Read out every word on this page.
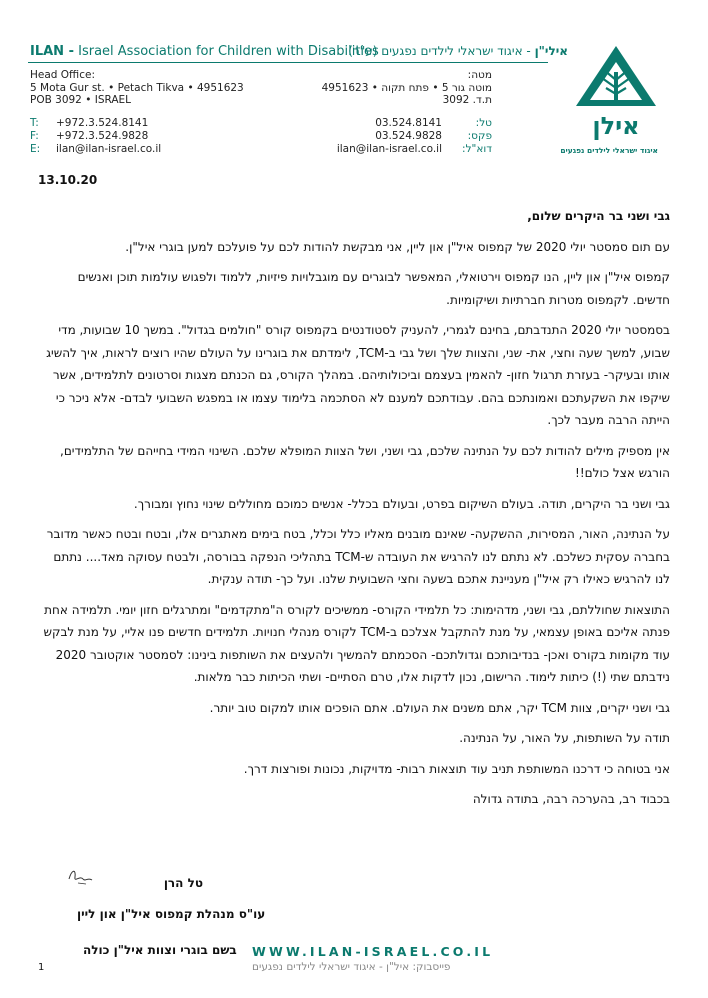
ILAN - Israel Association for Children with Disabilities	אילי"ן - איגוד ישראלי לילדים נפגעים (ע"ר)
Head Office:
5 Mota Gur st. • Petach Tikva • 4951623
POB 3092 • ISRAEL
מטה:
מוטה גור 5 • פתח תקוה • 4951623
ת.ד. 3092
T: +972.3.524.8141
F: +972.3.524.9828
E: ilan@ilan-israel.co.il
טל:
03.524.8141
פקס:
03.524.9828
דוא"ל:
ilan@ilan-israel.co.il
אילן
איגוד ישראלי לילדים נפגעים
13.10.20

גבי ושני בר היקרים שלום,

עם תום סמסטר יולי 2020 של קמפוס איל"ן און ליין, אני מבקשת להודות לכם על פועלכם למען בוגרי איל"ן.

קמפוס איל"ן און ליין, הנו קמפוס וירטואלי, המאפשר לבוגרים עם מוגבלויות פיזיות, ללמוד ולפגוש עולמות תוכן ואנשים חדשים. לקמפוס מטרות חברתיות ושיקומיות.

בסמסטר יולי 2020 התנדבתם, בחינם לגמרי, להעניק לסטודנטים בקמפוס קורס "חולמים בגדול". במשך 10 שבועות, מדי שבוע, למשך שעה וחצי, את- שני, והצוות שלך ושל גבי ב-TCM, לימדתם את בוגרינו על העולם שהיו רוצים לראות, איך להשיג אותו ובעיקר- בעזרת תרגול חזון- להאמין בעצמם וביכולותיהם. במהלך הקורס, גם הכנתם מצגות וסרטונים לתלמידים, אשר שיקפו את השקעתכם ואמונתכם בהם. עבודתכם למענם לא הסתכמה בלימוד עצמו או במפגש השבועי לבדם- אלא ניכר כי הייתה הרבה מעבר לכך.

אין מספיק מילים להודות לכם על הנתינה שלכם, גבי ושני, ושל הצוות המופלא שלכם. השינוי המידי בחייהם של התלמידים, הורגש אצל כולם!!

גבי ושני בר היקרים, תודה. בעולם השיקום בפרט, ובעולם בכלל- אנשים כמוכם מחוללים שינוי נחוץ ומבורך.

על הנתינה, האור, המסירות, ההשקעה- שאינם מובנים מאליו כלל וכלל, בטח בימים מאתגרים אלו, ובטח ובטח כאשר מדובר בחברה עסקית כשלכם. לא נתתם לנו להרגיש את העובדה ש-TCM בתהליכי הנפקה בבורסה, ולבטח עסוקה מאד.... נתתם לנו להרגיש כאילו רק איל"ן מעניינת אתכם בשעה וחצי השבועית שלנו. ועל כך- תודה ענקית.

התוצאות שחוללתם, גבי ושני, מדהימות: כל תלמידי הקורס- ממשיכים לקורס ה"מתקדמים" ומתרגלים חזון יומי. תלמידה אחת פנתה אליכם באופן עצמאי, על מנת להתקבל אצלכם ב-TCM לקורס מנהלי חנויות. תלמידים חדשים פנו אליי, על מנת לבקש עוד מקומות בקורס ואכן- בנדיבותכם וגדולתכם- הסכמתם להמשיך ולהעצים את השותפות בינינו: לסמסטר אוקטובר 2020 נידבתם שתי (!) כיתות לימוד. הרישום, נכון לדקות אלו, טרם הסתיים- ושתי הכיתות כבר מלאות.

גבי ושני יקרים, צוות TCM יקר, אתם משנים את העולם. אתם הופכים אותו למקום טוב יותר.

תודה על השותפות, על האור, על הנתינה.

אני בטוחה כי דרכנו המשותפת תניב עוד תוצאות רבות- מדויקות, נכונות ופורצות דרך.

בכבוד רב, בהערכה רבה, בתודה גדולה

טל הרן
עו"ס מנהלת קמפוס איל"ן און ליין
בשם בוגרי וצוות איל"ן כולה WWW.ILAN-ISRAEL.CO.IL
פייסבוק: איל"ן - איגוד ישראלי לילדים נפגעים
1
